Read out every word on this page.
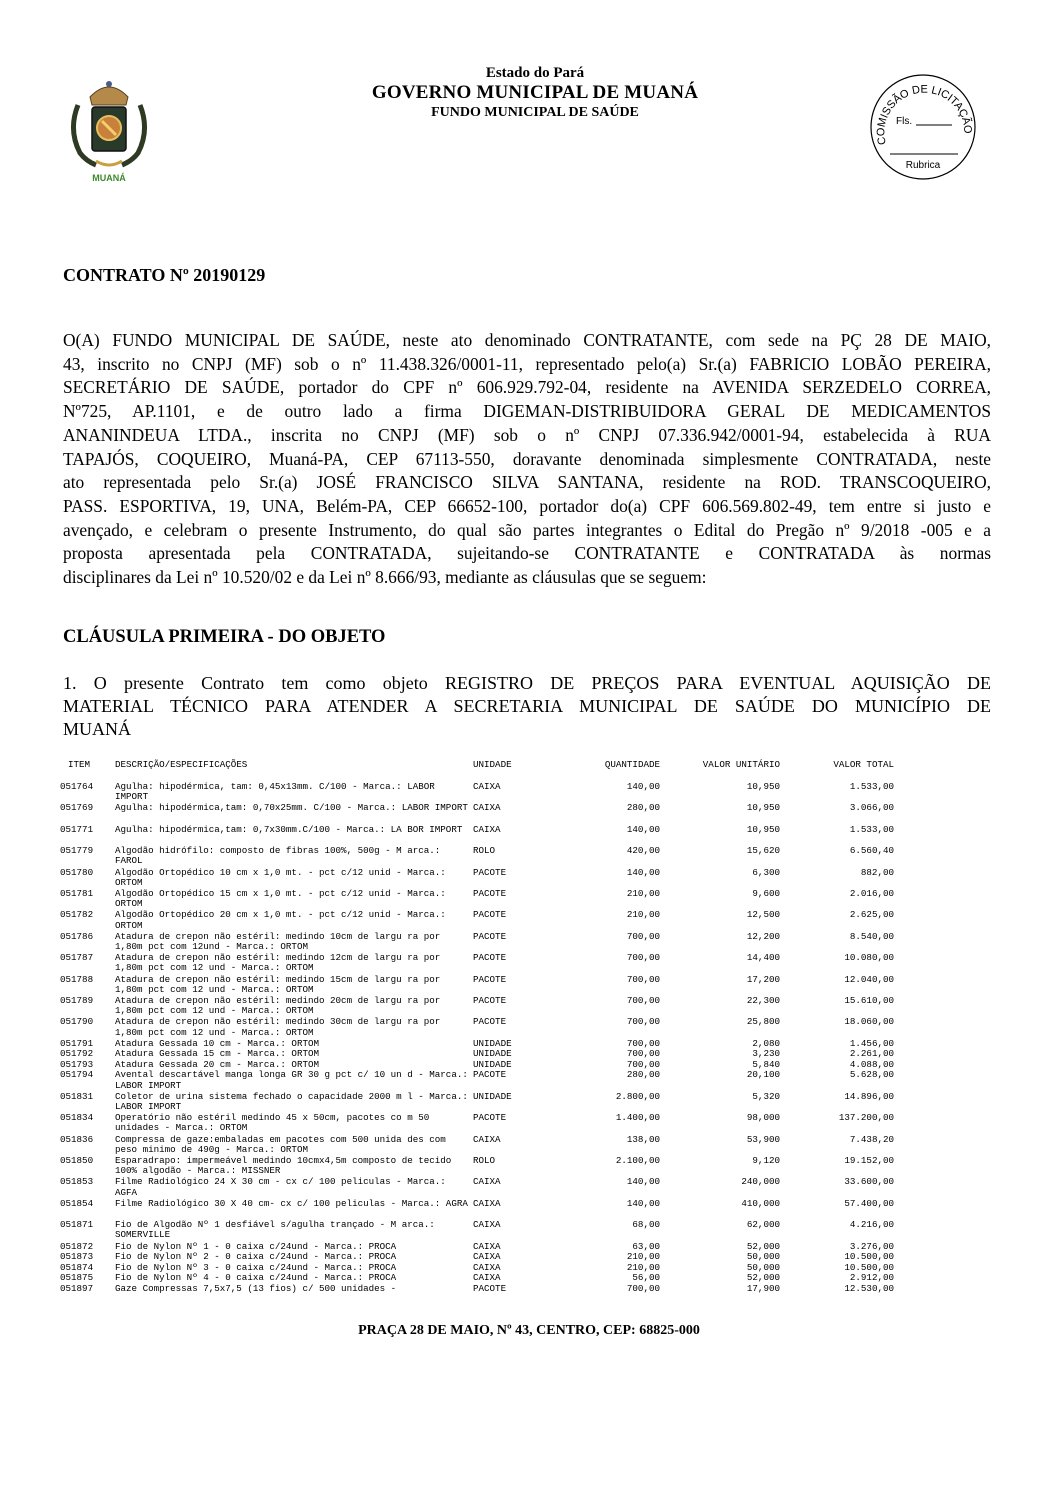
MUANÁ
Estado do Pará
GOVERNO MUNICIPAL DE MUANÁ
FUNDO MUNICIPAL DE SAÚDE
COMISSÃO DE LICITAÇÃO
Fls.
Rubrica
CONTRATO Nº 20190129
O(A) FUNDO MUNICIPAL DE SAÚDE, neste ato denominado CONTRATANTE, com sede na PÇ 28 DE MAIO,
43, inscrito no CNPJ (MF) sob o nº 11.438.326/0001-11, representado pelo(a) Sr.(a) FABRICIO LOBÃO PEREIRA,
SECRETÁRIO DE SAÚDE, portador do CPF nº 606.929.792-04, residente na AVENIDA SERZEDELO CORREA,
Nº725, AP.1101, e de outro lado a firma DIGEMAN-DISTRIBUIDORA GERAL DE MEDICAMENTOS
ANANINDEUA LTDA., inscrita no CNPJ (MF) sob o nº CNPJ 07.336.942/0001-94, estabelecida à RUA
TAPAJÓS, COQUEIRO, Muaná-PA, CEP 67113-550, doravante denominada simplesmente CONTRATADA, neste
ato representada pelo Sr.(a) JOSÉ FRANCISCO SILVA SANTANA, residente na ROD. TRANSCOQUEIRO,
PASS. ESPORTIVA, 19, UNA, Belém-PA, CEP 66652-100, portador do(a) CPF 606.569.802-49, tem entre si justo e
avençado, e celebram o presente Instrumento, do qual são partes integrantes o Edital do Pregão nº 9/2018 -005 e a
proposta apresentada pela CONTRATADA, sujeitando-se CONTRATANTE e CONTRATADA às normas
disciplinares da Lei nº 10.520/02 e da Lei nº 8.666/93, mediante as cláusulas que se seguem:
CLÁUSULA PRIMEIRA - DO OBJETO
1. O presente Contrato tem como objeto REGISTRO DE PREÇOS PARA EVENTUAL AQUISIÇÃO DE
MATERIAL TÉCNICO PARA ATENDER A SECRETARIA MUNICIPAL DE SAÚDE DO MUNICÍPIO DE
MUANÁ
ITEM	DESCRIÇÃO/ESPECIFICAÇÕES	UNIDADE	QUANTIDADE	VALOR UNITÁRIO	VALOR TOTAL
051764 Agulha: hipodérmica, tam: 0,45x13mm. C/100 - Marca.: LABOR IMPORT
CAIXA	140,00	10,950	1.533,00
051769 Agulha: hipodérmica,tam: 0,70x25mm. C/100 - Marca.: LABOR IMPORT CAIXA	280,00	10,950	3.066,00
051771 Agulha: hipodérmica,tam: 0,7x30mm.C/100 - Marca.: LA BOR IMPORT	CAIXA	140,00	10,950	1.533,00
051779 Algodão hidrófilo: composto de fibras 100%, 500g - M arca.: FAROL
ROLO	420,00	15,620	6.560,40
051780 Algodão Ortopédico 10 cm x 1,0 mt. - pct c/12 unid - Marca.: ORTOM
PACOTE	140,00	6,300	882,00
051781 Algodão Ortopédico 15 cm x 1,0 mt. - pct c/12 unid - Marca.: ORTOM
PACOTE	210,00	9,600	2.016,00
051782 Algodão Ortopédico 20 cm x 1,0 mt. - pct c/12 unid - Marca.: ORTOM
PACOTE	210,00	12,500	2.625,00
051786 Atadura de crepon não estéril: medindo 10cm de largu ra por 1,80m pct com 12und - Marca.: ORTOM
PACOTE	700,00	12,200	8.540,00
051787 Atadura de crepon não estéril: medindo 12cm de largu ra por 1,80m pct com 12 und - Marca.: ORTOM
PACOTE	700,00	14,400	10.080,00
051788 Atadura de crepon não estéril: medindo 15cm de largu ra por 1,80m pct com 12 und - Marca.: ORTOM
PACOTE	700,00	17,200	12.040,00
051789 Atadura de crepon não estéril: medindo 20cm de largu ra por 1,80m pct com 12 und - Marca.: ORTOM
PACOTE	700,00	22,300	15.610,00
051790 Atadura de crepon não estéril: medindo 30cm de largu ra por 1,80m pct com 12 und - Marca.: ORTOM
PACOTE	700,00	25,800	18.060,00
051791 Atadura Gessada 10 cm - Marca.: ORTOM	UNIDADE	700,00	2,080	1.456,00
051792 Atadura Gessada 15 cm - Marca.: ORTOM	UNIDADE	700,00	3,230	2.261,00
051793 Atadura Gessada 20 cm - Marca.: ORTOM	UNIDADE	700,00	5,840	4.088,00
051794 Avental descartável manga longa GR 30 g pct c/ 10 un d - Marca.: LABOR IMPORT
PACOTE	280,00	20,100	5.628,00
051831 Coletor de urina sistema fechado o capacidade 2000 m l - Marca.: LABOR IMPORT
UNIDADE	2.800,00	5,320	14.896,00
051834 Operatório não estéril medindo 45 x 50cm, pacotes co m 50 unidades - Marca.: ORTOM
PACOTE	1.400,00	98,000	137.200,00
051836 Compressa de gaze:embaladas em pacotes com 500 unida des com peso minimo de 490g - Marca.: ORTOM
CAIXA	138,00	53,900	7.438,20
051850 Esparadrapo: impermeável medindo 10cmx4,5m composto de tecido 100% algodão - Marca.: MISSNER
ROLO	2.100,00	9,120	19.152,00
051853 Filme Radiológico 24 X 30 cm - cx c/ 100 peliculas - Marca.: AGFA
CAIXA	140,00	240,000	33.600,00
051854 Filme Radiológico 30 X 40 cm- cx c/ 100 peliculas - Marca.: AGRA CAIXA	140,00	410,000	57.400,00
051871 Fio de Algodão Nº 1 desfiável s/agulha trançado - M arca.: SOMERVILLE
CAIXA	68,00	62,000	4.216,00
051872 Fio de Nylon Nº 1 - 0 caixa c/24und - Marca.: PROCA	CAIXA	63,00	52,000	3.276,00
051873 Fio de Nylon Nº 2 - 0 caixa c/24und - Marca.: PROCA	CAIXA	210,00	50,000	10.500,00
051874 Fio de Nylon Nº 3 - 0 caixa c/24und - Marca.: PROCA	CAIXA	210,00	50,000	10.500,00
051875 Fio de Nylon Nº 4 - 0 caixa c/24und - Marca.: PROCA	CAIXA	56,00	52,000	2.912,00
051897 Gaze Compressas 7,5x7,5 (13 fios) c/ 500 unidades -	PACOTE	700,00	17,900	12.530,00
PRAÇA 28 DE MAIO, Nº 43, CENTRO, CEP: 68825-000
